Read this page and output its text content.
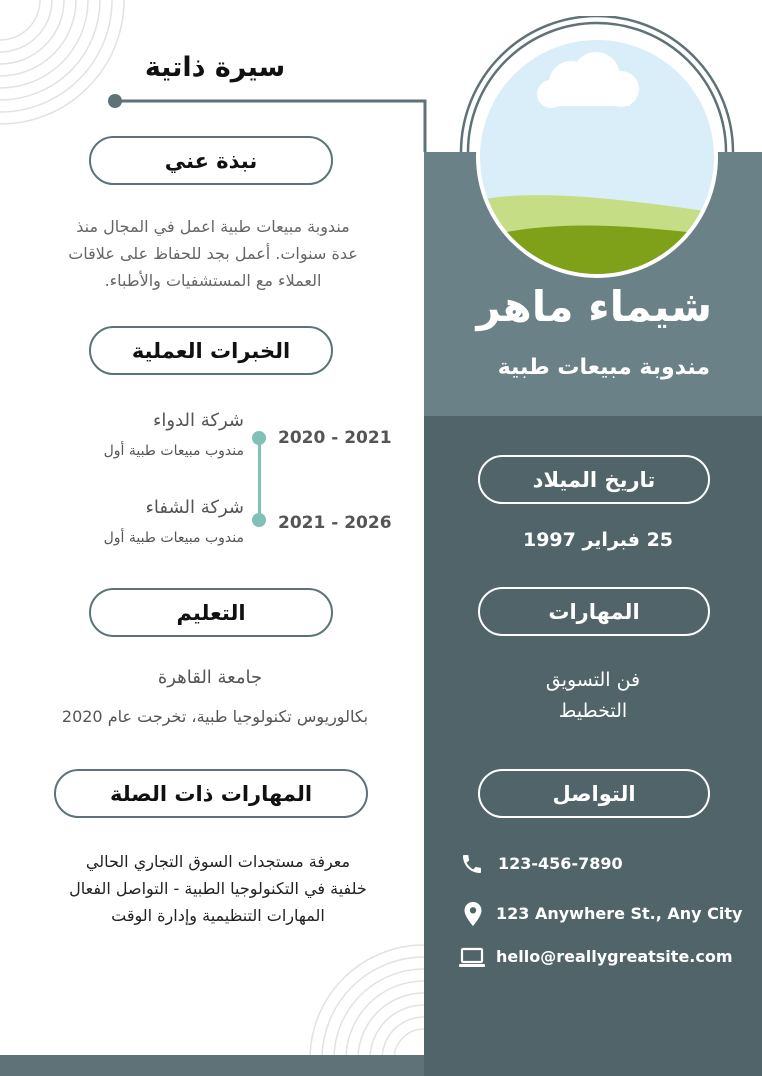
سيرة ذاتية
شيماء ماهر
مندوبة مبيعات طبية
نبذة عني
مندوبة مبيعات طبية اعمل في المجال منذ
عدة سنوات. أعمل بجد للحفاظ على علاقات
العملاء مع المستشفيات والأطباء.
الخبرات العملية
شركة الدواء
مندوب مبيعات طبية أول
2020 - 2021
شركة الشفاء
مندوب مبيعات طبية أول
2021 - 2026
التعليم
جامعة القاهرة
بكالوريوس تكنولوجيا طبية، تخرجت عام 2020
المهارات ذات الصلة
معرفة مستجدات السوق التجاري الحالي
خلفية في التكنولوجيا الطبية - التواصل الفعال
المهارات التنظيمية وإدارة الوقت
تاريخ الميلاد
25 فبراير 1997
المهارات
فن التسويق
التخطيط
التواصل
123-456-7890
123 Anywhere St., Any City
hello@reallygreatsite.com
